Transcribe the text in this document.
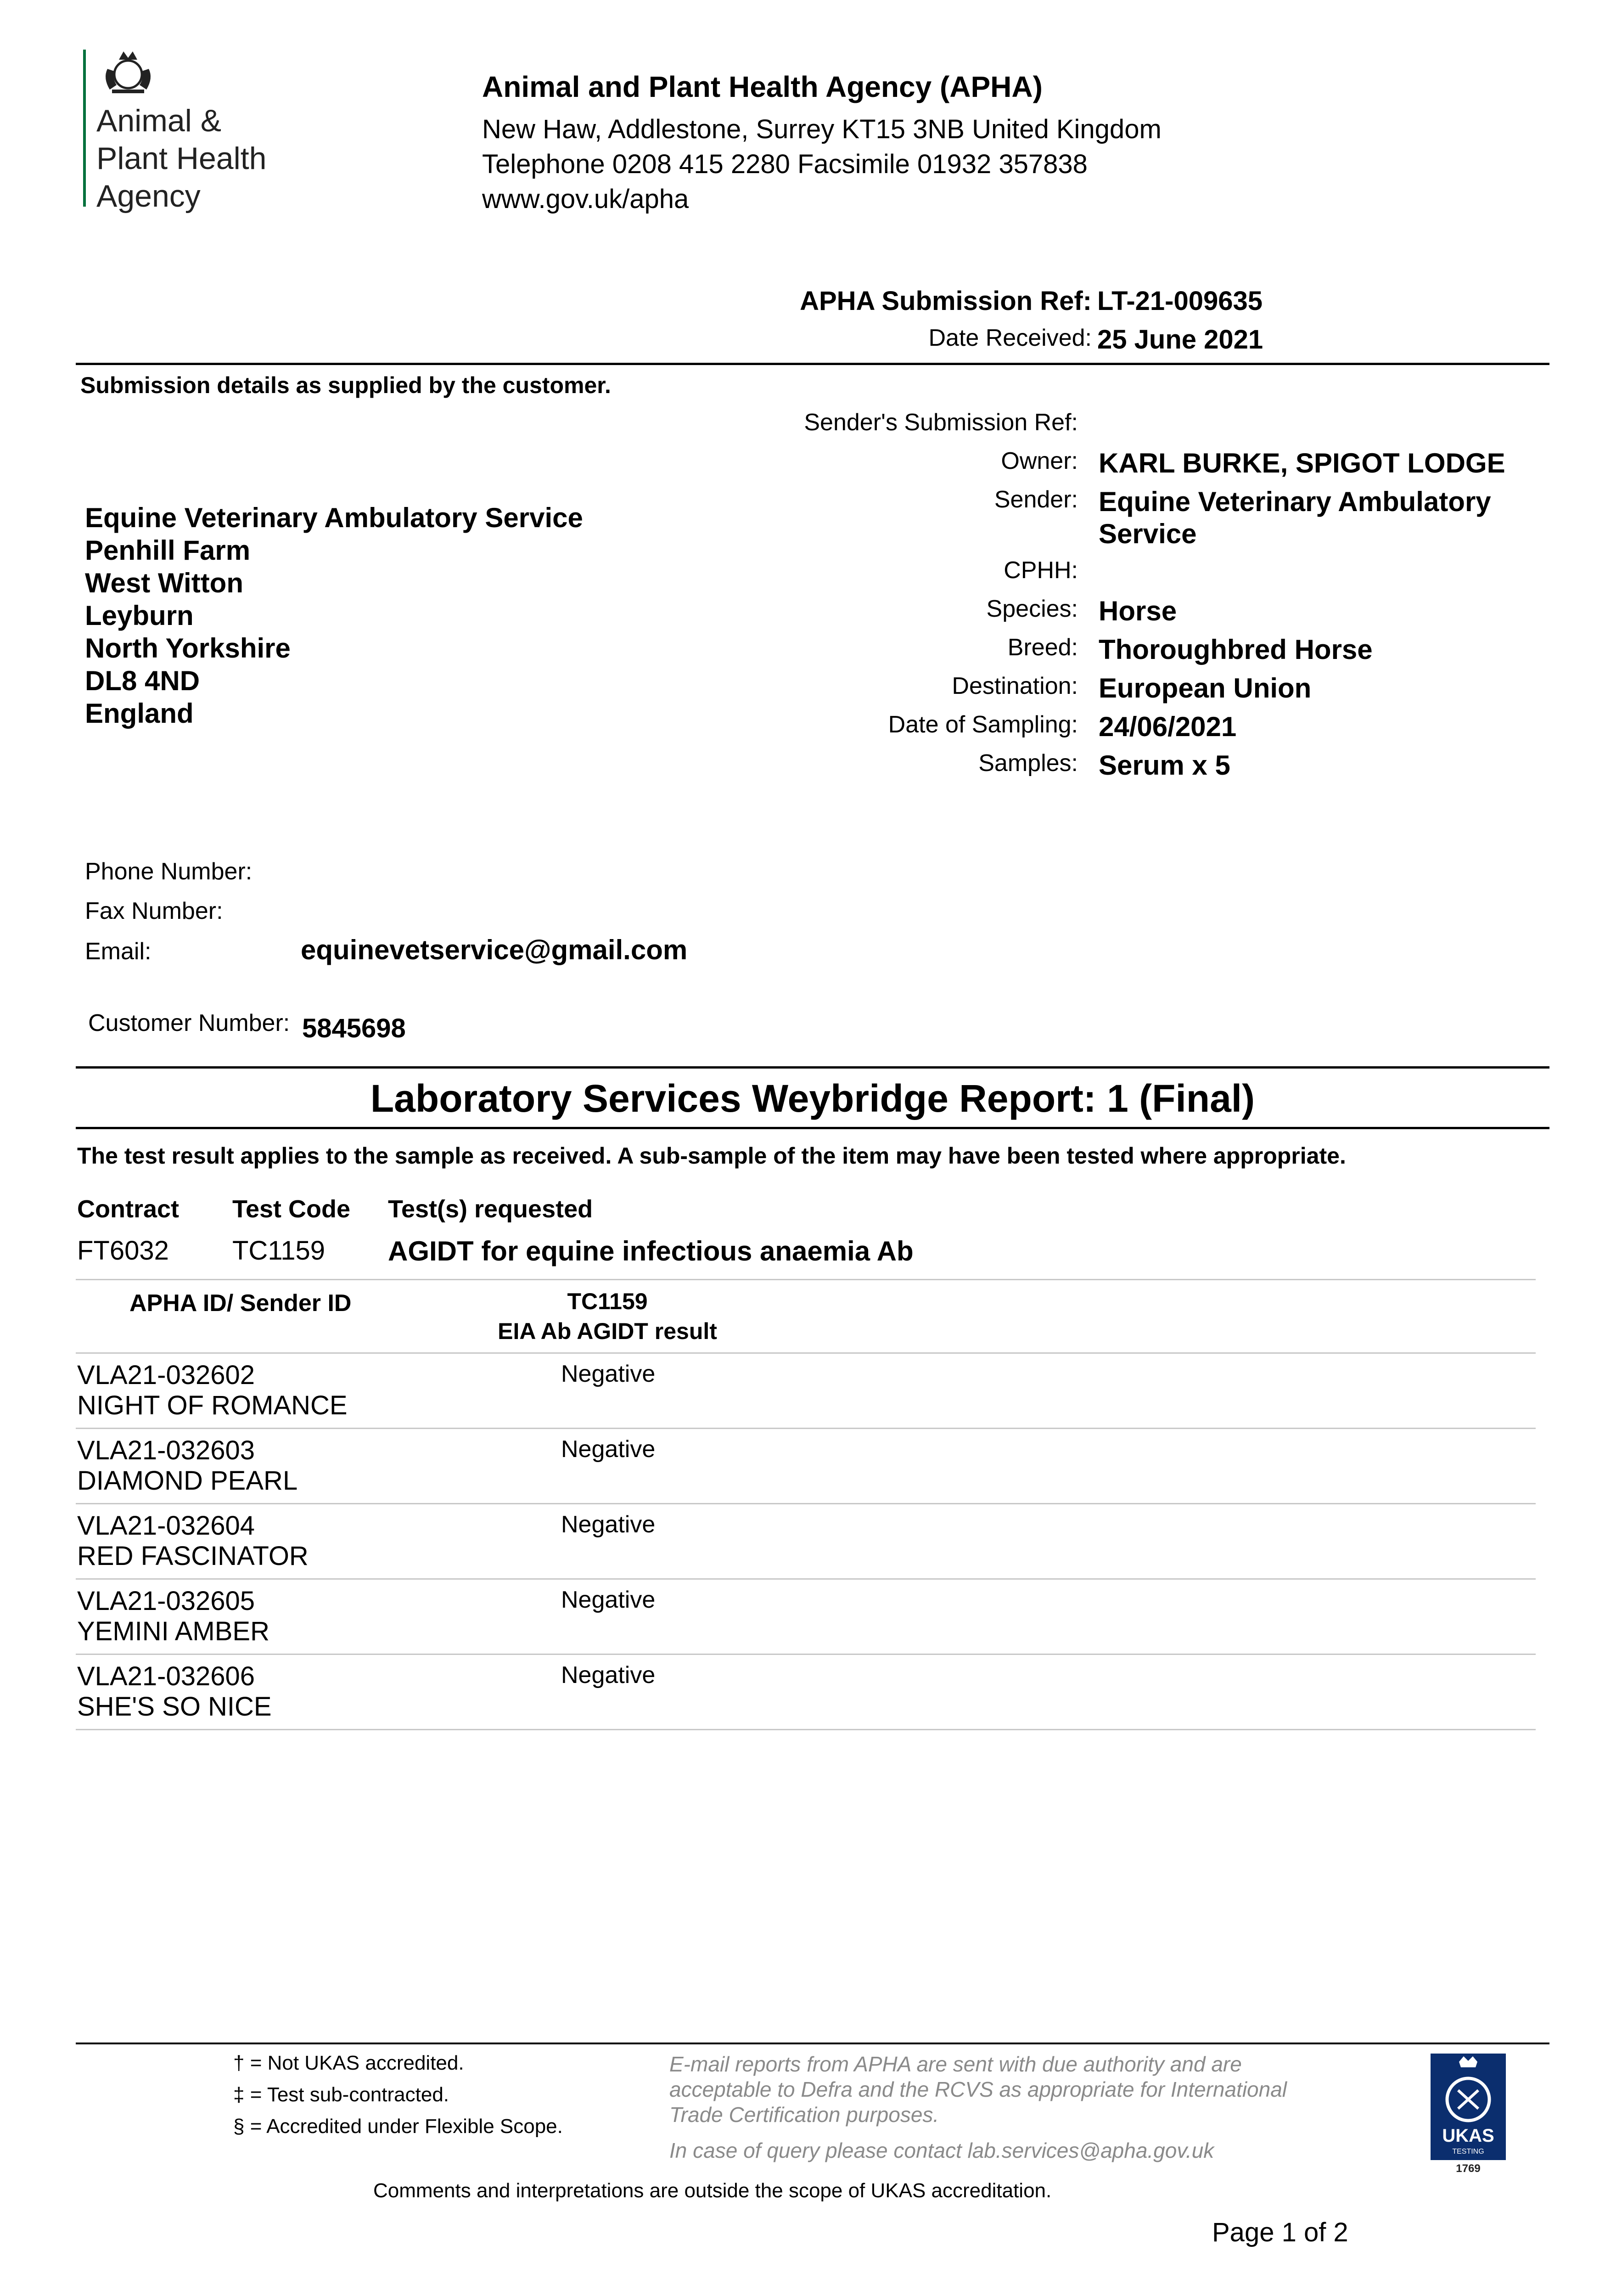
Animal &
Plant Health
Agency
Animal and Plant Health Agency (APHA)
New Haw, Addlestone, Surrey KT15 3NB United Kingdom
Telephone 0208 415 2280 Facsimile 01932 357838
www.gov.uk/apha
APHA Submission Ref: LT-21-009635
Date Received: 25 June 2021
Submission details as supplied by the customer.
Equine Veterinary Ambulatory Service
Penhill Farm
West Witton
Leyburn
North Yorkshire
DL8 4ND
England
Sender's Submission Ref:
Owner: KARL BURKE, SPIGOT LODGE
Sender: Equine Veterinary Ambulatory
Service
CPHH:
Species: Horse
Breed: Thoroughbred Horse
Destination: European Union
Date of Sampling: 24/06/2021
Samples: Serum x 5
Phone Number:
Fax Number:
Email:	equinevetservice@gmail.com
Customer Number: 5845698
Laboratory Services Weybridge Report: 1 (Final)
The test result applies to the sample as received. A sub-sample of the item may have been tested where appropriate.
Contract Test Code Test(s) requested
FT6032 TC1159 AGIDT for equine infectious anaemia Ab
APHA ID/ Sender ID	TC1159
EIA Ab AGIDT result
VLA21-032602
NIGHT OF ROMANCE
Negative
VLA21-032603
DIAMOND PEARL
Negative
VLA21-032604
RED FASCINATOR
Negative
VLA21-032605
YEMINI AMBER
Negative
VLA21-032606
SHE'S SO NICE
Negative
† = Not UKAS accredited.
‡ = Test sub-contracted.
§ = Accredited under Flexible Scope.
E-mail reports from APHA are sent with due authority and are
acceptable to Defra and the RCVS as appropriate for International
Trade Certification purposes.
In case of query please contact lab.services@apha.gov.uk
UKAS
TESTING
1769
Comments and interpretations are outside the scope of UKAS accreditation.
Page 1 of 2
